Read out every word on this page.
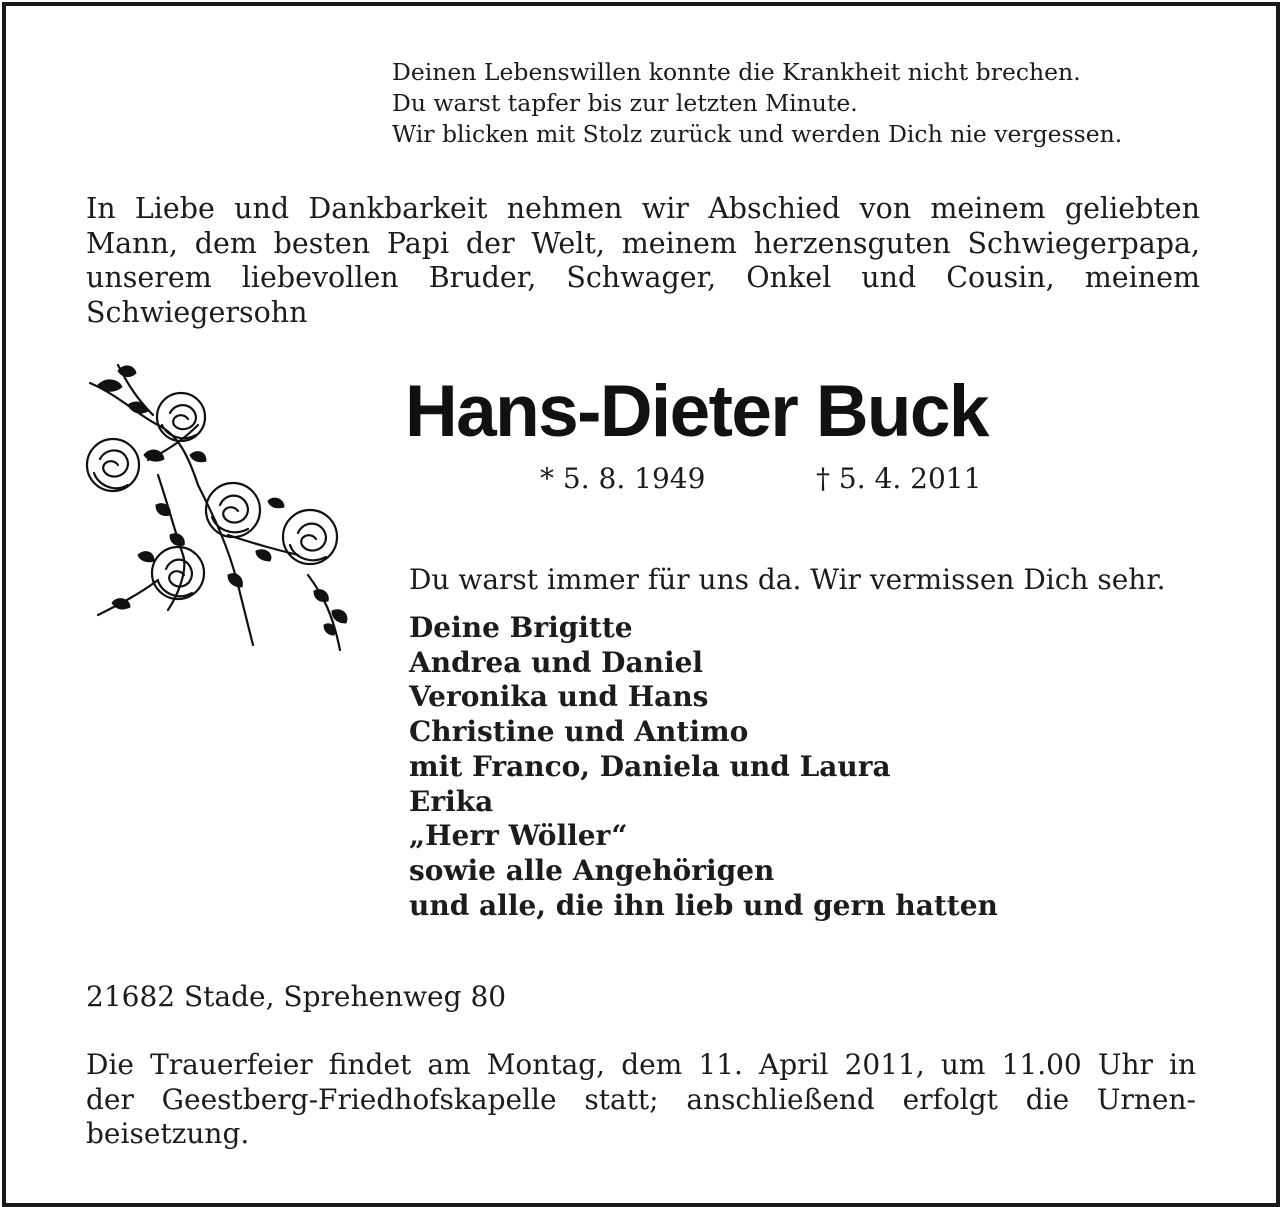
Deinen Lebenswillen konnte die Krankheit nicht brechen.
Du warst tapfer bis zur letzten Minute.
Wir blicken mit Stolz zurück und werden Dich nie vergessen.
In Liebe und Dankbarkeit nehmen wir Abschied von meinem geliebten
Mann, dem besten Papi der Welt, meinem herzensguten Schwiegerpapa,
unserem liebevollen Bruder, Schwager, Onkel und Cousin, meinem
Schwiegersohn
Hans-Dieter Buck
* 5. 8. 1949	† 5. 4. 2011
Du warst immer für uns da. Wir vermissen Dich sehr.
Deine Brigitte
Andrea und Daniel
Veronika und Hans
Christine und Antimo
mit Franco, Daniela und Laura
Erika
„Herr Wöller“
sowie alle Angehörigen
und alle, die ihn lieb und gern hatten
21682 Stade, Sprehenweg 80
Die Trauerfeier findet am Montag, dem 11. April 2011, um 11.00 Uhr in
der Geestberg-Friedhofskapelle statt; anschließend erfolgt die Urnen-
beisetzung.
